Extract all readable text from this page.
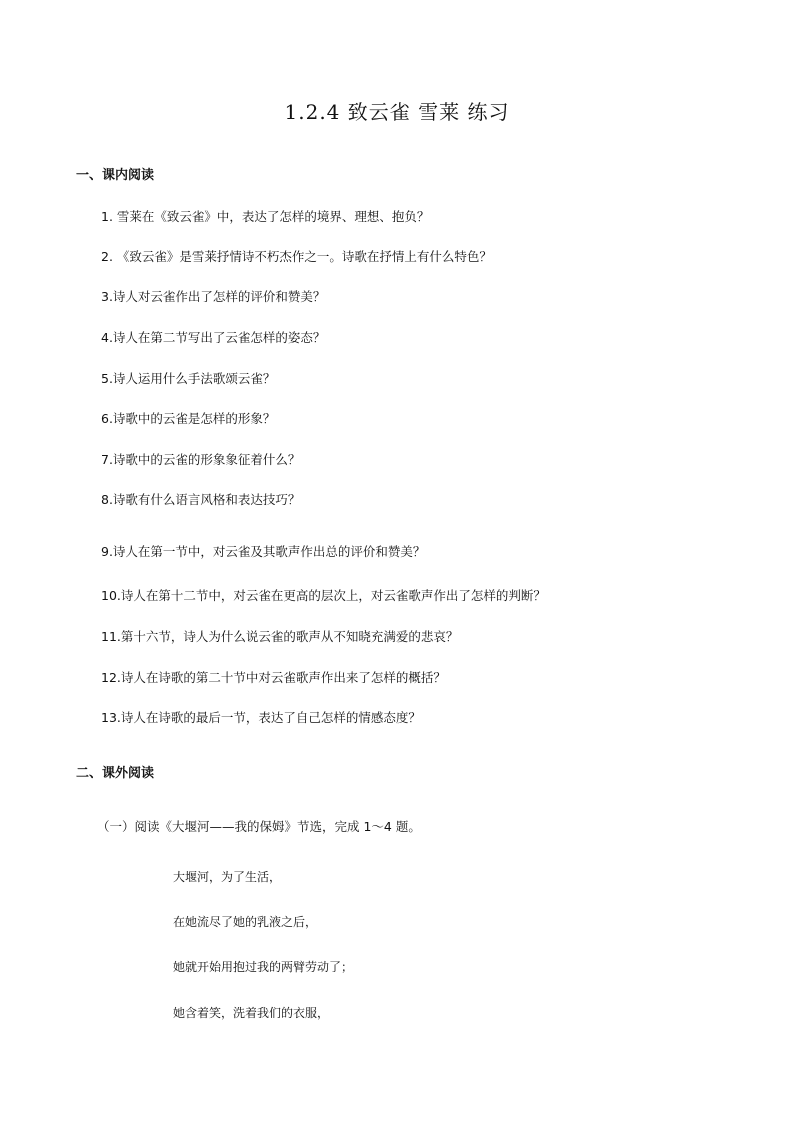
1.2.4 致云雀 雪莱 练习
一、课内阅读
1. 雪莱在《致云雀》中，表达了怎样的境界、理想、抱负？
2. 《致云雀》是雪莱抒情诗不朽杰作之一。诗歌在抒情上有什么特色？
3.诗人对云雀作出了怎样的评价和赞美？
4.诗人在第二节写出了云雀怎样的姿态？
5.诗人运用什么手法歌颂云雀？
6.诗歌中的云雀是怎样的形象？
7.诗歌中的云雀的形象象征着什么？
8.诗歌有什么语言风格和表达技巧？
9.诗人在第一节中，对云雀及其歌声作出总的评价和赞美？
10.诗人在第十二节中，对云雀在更高的层次上，对云雀歌声作出了怎样的判断？
11.第十六节，诗人为什么说云雀的歌声从不知晓充满爱的悲哀？
12.诗人在诗歌的第二十节中对云雀歌声作出来了怎样的概括？
13.诗人在诗歌的最后一节，表达了自己怎样的情感态度？
二、课外阅读
（一）阅读《大堰河——我的保姆》节选，完成 1～4 题。
大堰河，为了生活，
在她流尽了她的乳液之后，
她就开始用抱过我的两臂劳动了；
她含着笑，洗着我们的衣服，
